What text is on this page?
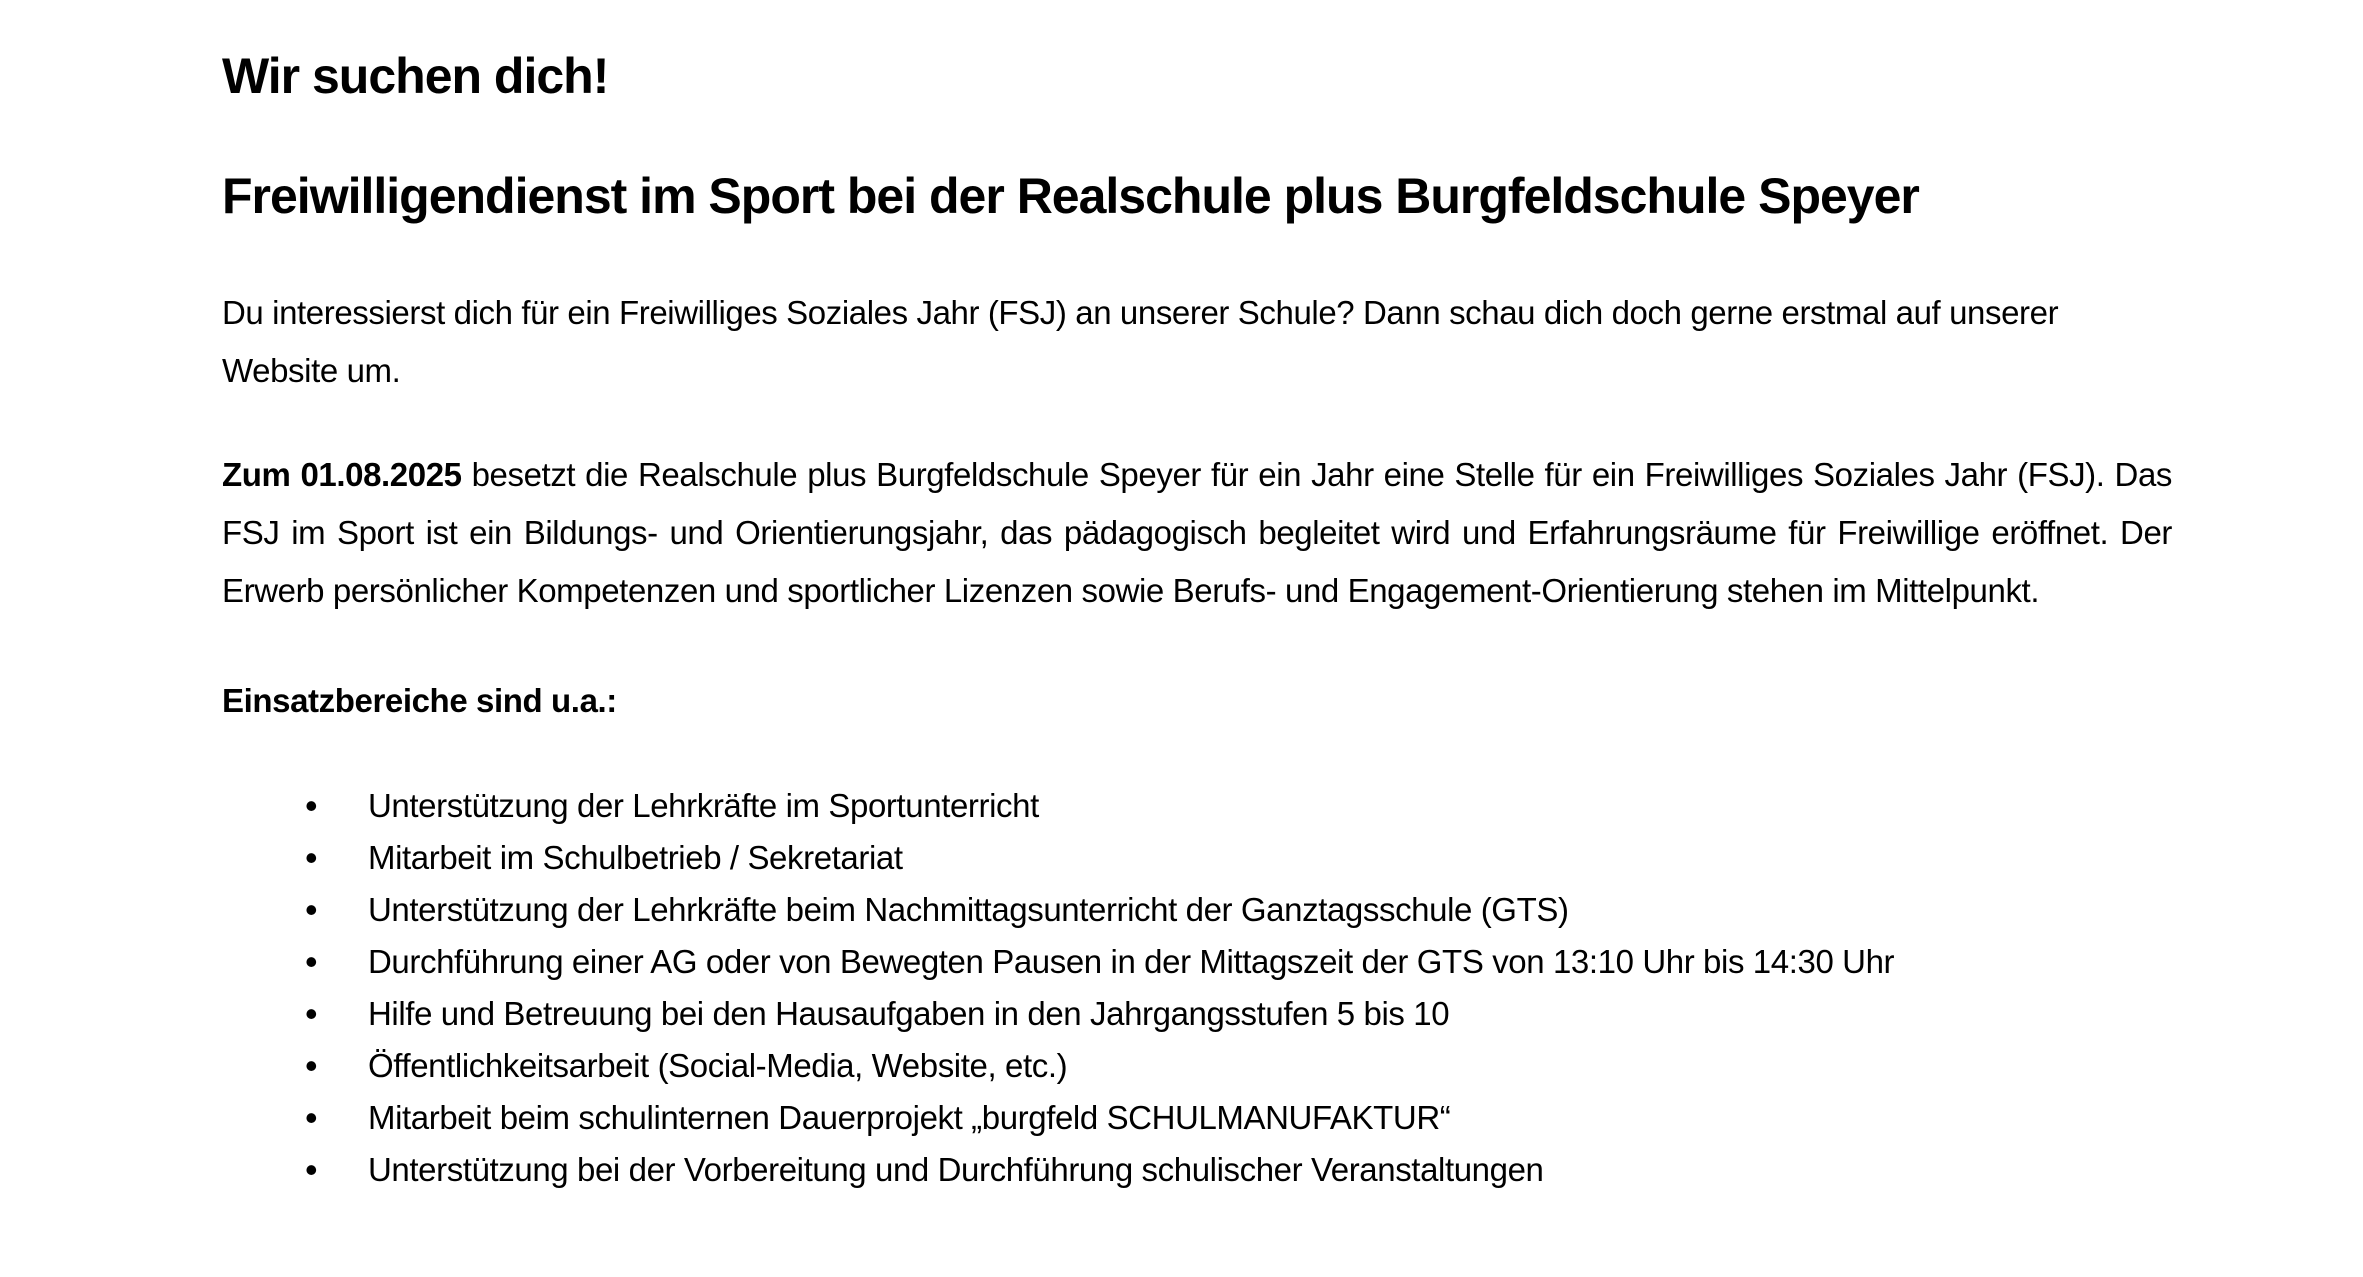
Wir suchen dich!
Freiwilligendienst im Sport bei der Realschule plus Burgfeldschule Speyer

Du interessierst dich für ein Freiwilliges Soziales Jahr (FSJ) an unserer Schule? Dann schau dich doch gerne erstmal auf unserer Website um.

Zum 01.08.2025 besetzt die Realschule plus Burgfeldschule Speyer für ein Jahr eine Stelle für ein Freiwilliges Soziales Jahr (FSJ). Das FSJ im Sport ist ein Bildungs- und Orientierungsjahr, das pädagogisch begleitet wird und Erfahrungsräume für Freiwillige eröffnet. Der Erwerb persönlicher Kompetenzen und sportlicher Lizenzen sowie Berufs- und Engagement-Orientierung stehen im Mittelpunkt.

Einsatzbereiche sind u.a.:

•
Unterstützung der Lehrkräfte im Sportunterricht
•
Mitarbeit im Schulbetrieb / Sekretariat
•
Unterstützung der Lehrkräfte beim Nachmittagsunterricht der Ganztagsschule (GTS)
•
Durchführung einer AG oder von Bewegten Pausen in der Mittagszeit der GTS von 13:10 Uhr bis 14:30 Uhr
•
Hilfe und Betreuung bei den Hausaufgaben in den Jahrgangsstufen 5 bis 10
•
Öffentlichkeitsarbeit (Social-Media, Website, etc.)
•
Mitarbeit beim schulinternen Dauerprojekt „burgfeld SCHULMANUFAKTUR“
•
Unterstützung bei der Vorbereitung und Durchführung schulischer Veranstaltungen
